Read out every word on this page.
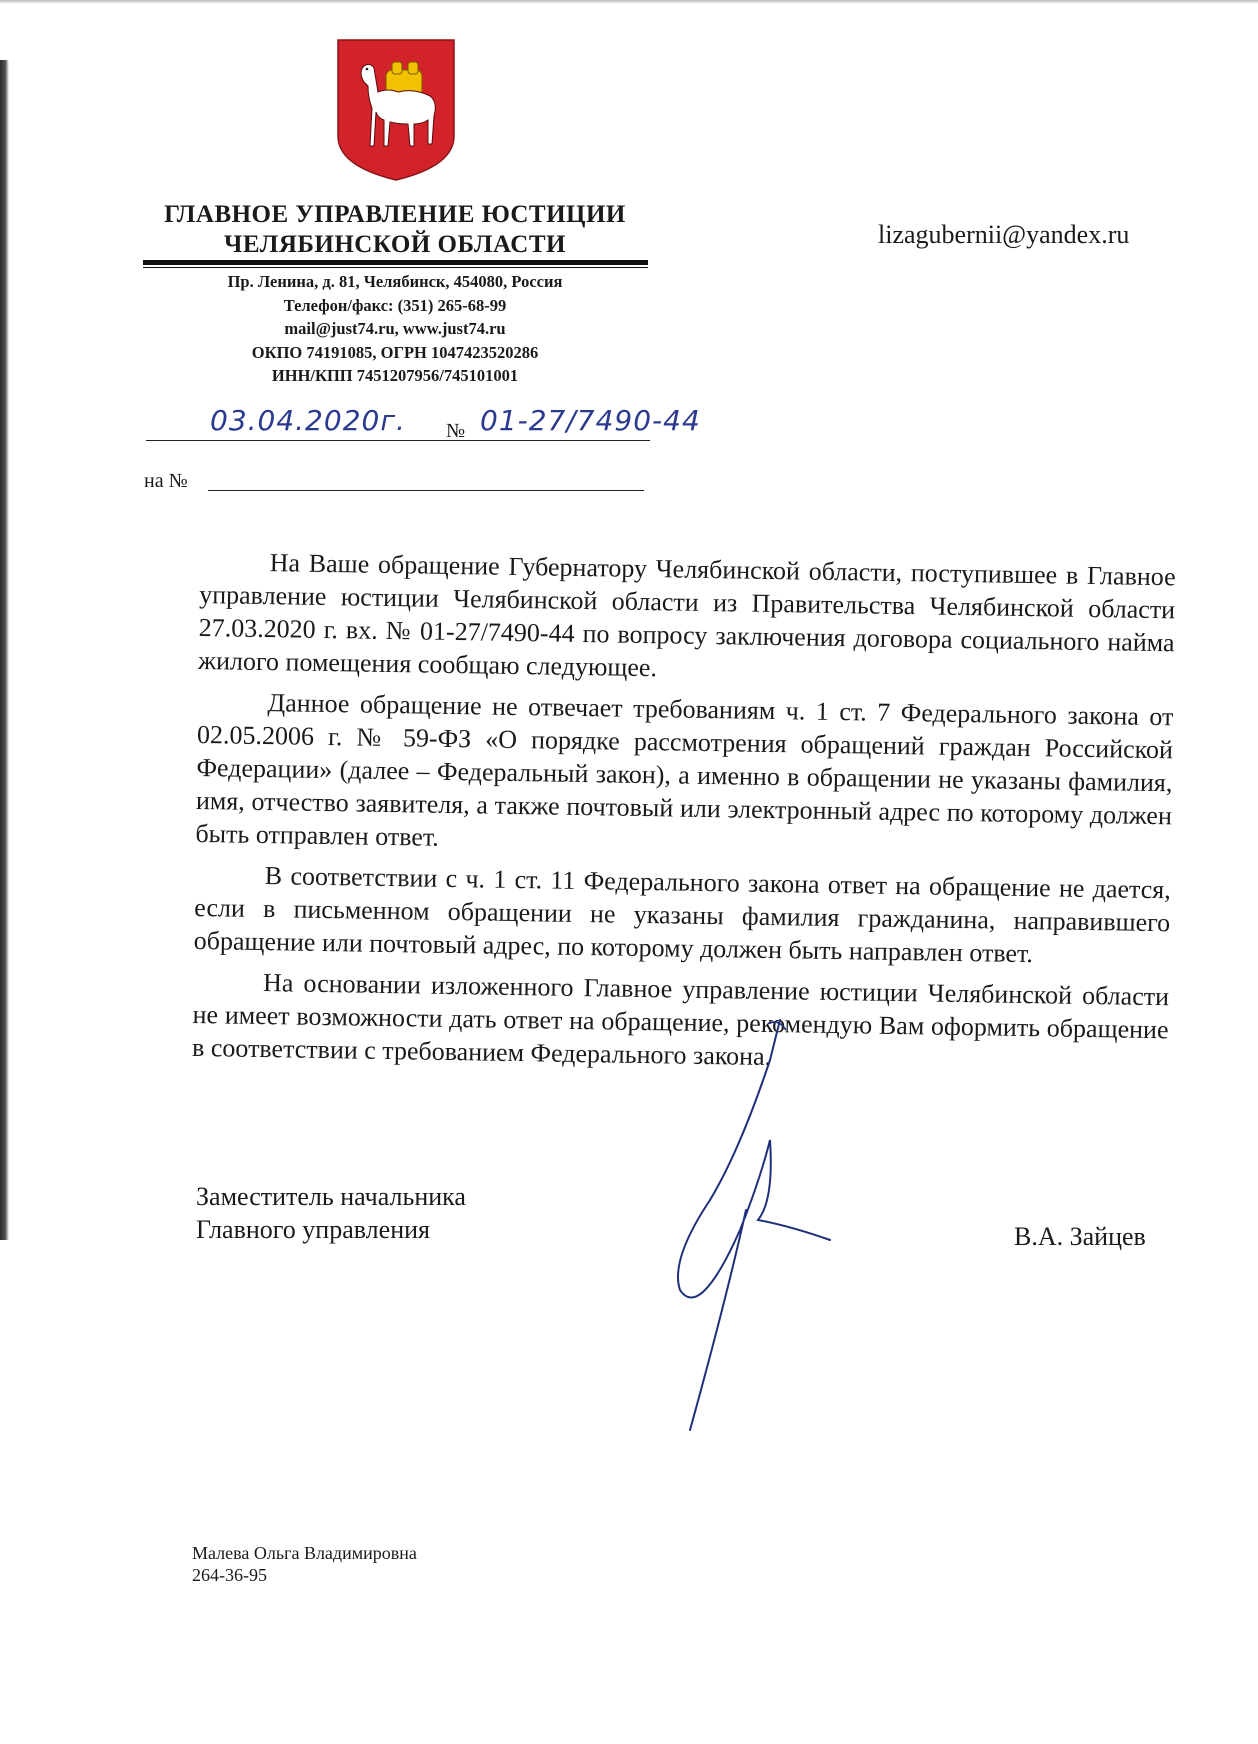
ГЛАВНОЕ УПРАВЛЕНИЕ ЮСТИЦИИ

ЧЕЛЯБИНСКОЙ ОБЛАСТИ

Пр. Ленина, д. 81, Челябинск, 454080, Россия
Телефон/факс: (351) 265-68-99
mail@just74.ru, www.just74.ru
ОКПО 74191085, ОГРН 1047423520286
ИНН/КПП 7451207956/745101001
lizagubernii@yandex.ru
03.04.2020г. № 01-27/7490-44
на №

На Ваше обращение Губернатору Челябинской области, поступившее в Главное управление юстиции Челябинской области из Правительства Челябинской области 27.03.2020 г. вх. № 01-27/7490-44 по вопросу заключения договора социального найма жилого помещения сообщаю следующее.

Данное обращение не отвечает требованиям ч. 1 ст. 7 Федерального закона от 02.05.2006 г. № 59-ФЗ «О порядке рассмотрения обращений граждан Российской Федерации» (далее – Федеральный закон), а именно в обращении не указаны фамилия, имя, отчество заявителя, а также почтовый или электронный адрес по которому должен быть отправлен ответ.

В соответствии с ч. 1 ст. 11 Федерального закона ответ на обращение не дается, если в письменном обращении не указаны фамилия гражданина, направившего обращение или почтовый адрес, по которому должен быть направлен ответ.

На основании изложенного Главное управление юстиции Челябинской области не имеет возможности дать ответ на обращение, рекомендую Вам оформить обращение в соответствии с требованием Федерального закона.

Заместитель начальника
Главного управления	В.А. Зайцев
Малева Ольга Владимировна
264-36-95
